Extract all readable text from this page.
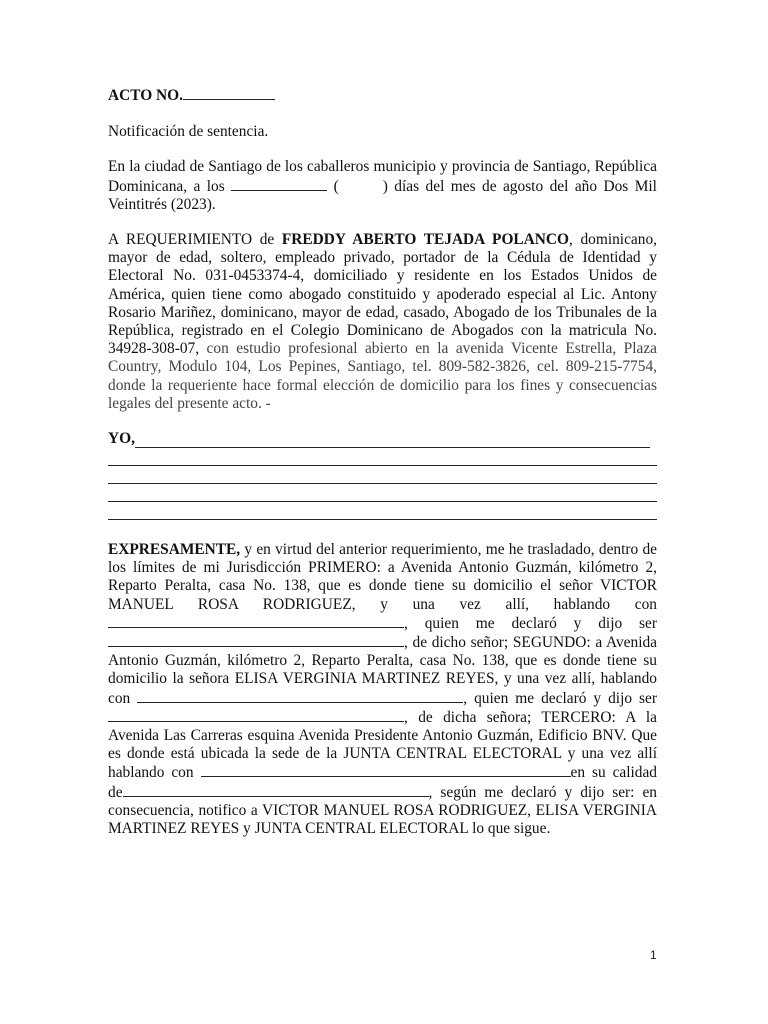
ACTO NO.

Notificación de sentencia.

En la ciudad de Santiago de los caballeros municipio y provincia de Santiago, República Dominicana, a los	(	) días del mes de agosto del año Dos Mil Veintitrés (2023).

A REQUERIMIENTO de FREDDY ABERTO TEJADA POLANCO, dominicano, mayor de edad, soltero, empleado privado, portador de la Cédula de Identidad y Electoral No. 031-0453374-4, domiciliado y residente en los Estados Unidos de América, quien tiene como abogado constituido y apoderado especial al Lic. Antony Rosario Mariñez, dominicano, mayor de edad, casado, Abogado de los Tribunales de la República, registrado en el Colegio Dominicano de Abogados con la matricula No. 34928-308-07, con estudio profesional abierto en la avenida Vicente Estrella, Plaza Country, Modulo 104, Los Pepines, Santiago, tel. 809-582-3826, cel. 809-215-7754, donde la requeriente hace formal elección de domicilio para los fines y consecuencias legales del presente acto. -

YO,

EXPRESAMENTE, y en virtud del anterior requerimiento, me he trasladado, dentro de los límites de mi Jurisdicción PRIMERO: a Avenida Antonio Guzmán, kilómetro 2, Reparto Peralta, casa No. 138, que es donde tiene su domicilio el señor VICTOR MANUEL ROSA RODRIGUEZ, y una vez allí, hablando con , quien me declaró y dijo ser , de dicho señor; SEGUNDO: a Avenida Antonio Guzmán, kilómetro 2, Reparto Peralta, casa No. 138, que es donde tiene su domicilio la señora ELISA VERGINIA MARTINEZ REYES, y una vez allí, hablando con	, quien me declaró y dijo ser , de dicha señora; TERCERO: A la Avenida Las Carreras esquina Avenida Presidente Antonio Guzmán, Edificio BNV. Que es donde está ubicada la sede de la JUNTA CENTRAL ELECTORAL y una vez allí hablando con	en su calidad de	, según me declaró y dijo ser: en consecuencia, notifico a VICTOR MANUEL ROSA RODRIGUEZ, ELISA VERGINIA MARTINEZ REYES y JUNTA CENTRAL ELECTORAL lo que sigue.

1
